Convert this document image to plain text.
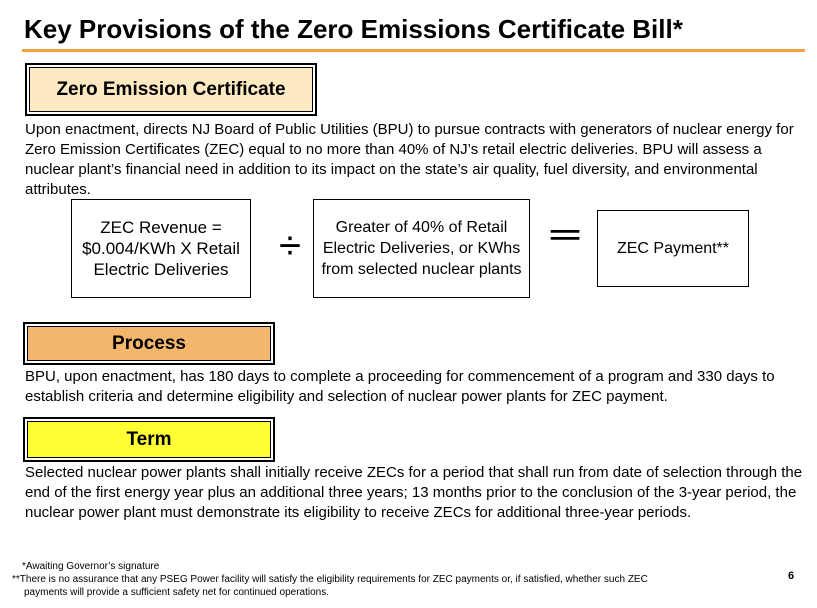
Key Provisions of the Zero Emissions Certificate Bill*
Zero Emission Certificate
Upon enactment, directs NJ Board of Public Utilities (BPU) to pursue contracts with generators of nuclear energy for Zero Emission Certificates (ZEC) equal to no more than 40% of NJ’s retail electric deliveries. BPU will assess a nuclear plant’s financial need in addition to its impact on the state’s air quality, fuel diversity, and environmental attributes.
ZEC Revenue = $0.004/KWh X Retail Electric Deliveries
÷	Greater of 40% of Retail Electric Deliveries, or KWhs from selected nuclear plants
═	ZEC Payment**
Process
BPU, upon enactment, has 180 days to complete a proceeding for commencement of a program and 330 days to establish criteria and determine eligibility and selection of nuclear power plants for ZEC payment.
Term
Selected nuclear power plants shall initially receive ZECs for a period that shall run from date of selection through the end of the first energy year plus an additional three years; 13 months prior to the conclusion of the 3-year period, the nuclear power plant must demonstrate its eligibility to receive ZECs for additional three-year periods.
*Awaiting Governor’s signature
**There is no assurance that any PSEG Power facility will satisfy the eligibility requirements for ZEC payments or, if satisfied, whether such ZEC
payments will provide a sufficient safety net for continued operations.
6
